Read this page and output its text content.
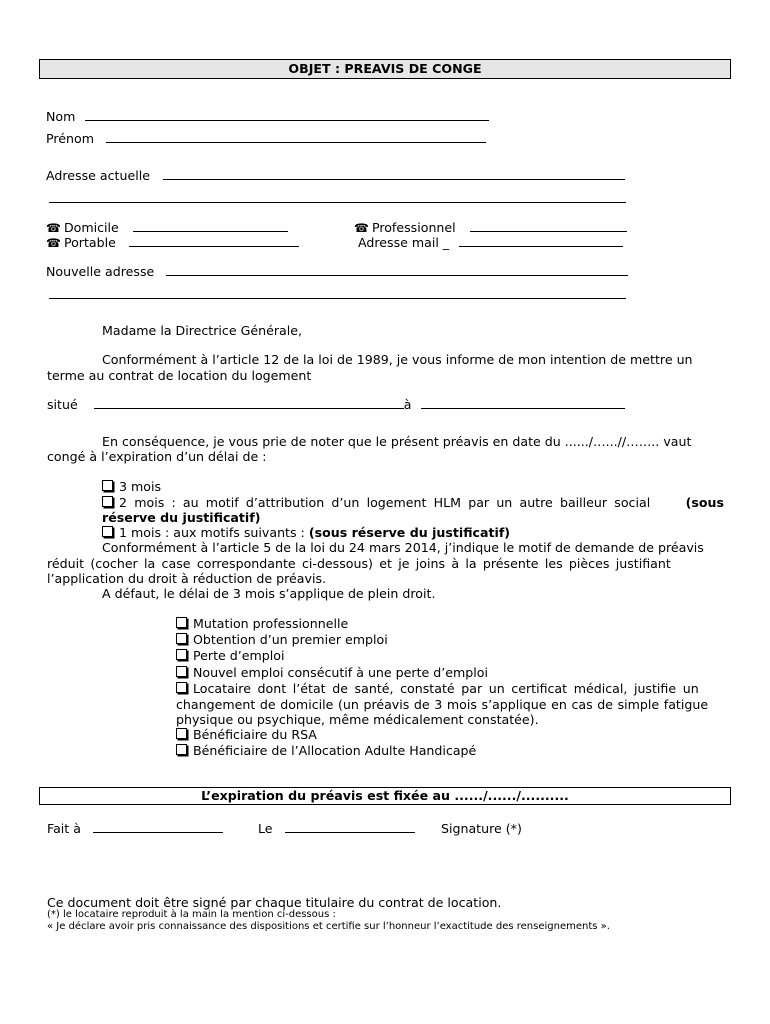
OBJET : PREAVIS DE CONGE
Nom
Prénom
Adresse actuelle
☎ Domicile
☎ Portable
☎ Professionnel
Adresse mail _
Nouvelle adresse
Madame la Directrice Générale,
Conformément à l’article 12 de la loi de 1989, je vous informe de mon intention de mettre un
terme au contrat de location du logement
situé	à
En conséquence, je vous prie de noter que le présent préavis en date du ....../…...//…….. vaut
congé à l’expiration d’un délai de :
3 mois
2 mois : au motif d’attribution d’un logement HLM par un autre bailleur social	(sous
réserve du justificatif)
1 mois : aux motifs suivants : (sous réserve du justificatif)
Conformément à l’article 5 de la loi du 24 mars 2014, j’indique le motif de demande de préavis
réduit (cocher la case correspondante ci-dessous) et je joins à la présente les pièces justifiant
l’application du droit à réduction de préavis.
A défaut, le délai de 3 mois s’applique de plein droit.
Mutation professionnelle
Obtention d’un premier emploi
Perte d’emploi
Nouvel emploi consécutif à une perte d’emploi
Locataire dont l’état de santé, constaté par un certificat médical, justifie un
changement de domicile (un préavis de 3 mois s’applique en cas de simple fatigue
physique ou psychique, même médicalement constatée).
Bénéficiaire du RSA
Bénéficiaire de l’Allocation Adulte Handicapé
L’expiration du préavis est fixée au ....../....../..........
Fait à	Le	Signature (*)
Ce document doit être signé par chaque titulaire du contrat de location.
(*) le locataire reproduit à la main la mention ci-dessous :
« Je déclare avoir pris connaissance des dispositions et certifie sur l’honneur l’exactitude des renseignements ».
